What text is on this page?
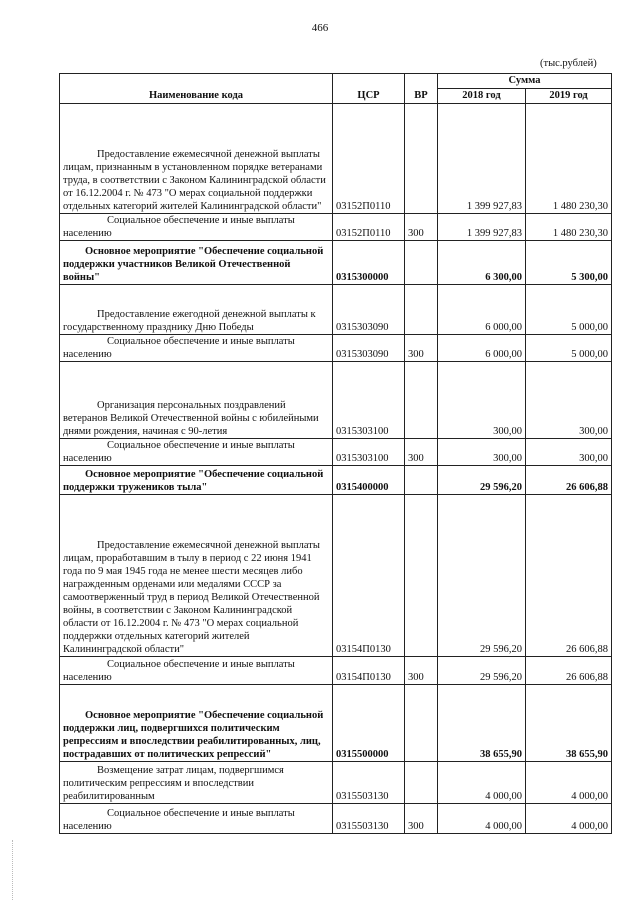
466
(тыс.рублей)
Наименование кода	ЦСР	ВР	Сумма	
			2018 год	2019 год

Предоставление ежемесячной денежной выплаты лицам, признанным в установленном порядке ветеранами труда, в соответствии с Законом Калининградской области от 16.12.2004 г. № 473 "О мерах социальной поддержки отдельных категорий жителей Калининградской области"	03152П0110		1 399 927,83	1 480 230,30

Социальное обеспечение и иные выплаты населению	03152П0110	300	1 399 927,83	1 480 230,30

Основное мероприятие "Обеспечение социальной поддержки участников Великой Отечественной войны"	0315300000		6 300,00	5 300,00

Предоставление ежегодной денежной выплаты к государственному празднику Дню Победы	0315303090		6 000,00	5 000,00

Социальное обеспечение и иные выплаты населению	0315303090	300	6 000,00	5 000,00

Организация персональных поздравлений ветеранов Великой Отечественной войны с юбилейными днями рождения, начиная с 90-летия	0315303100		300,00	300,00

Социальное обеспечение и иные выплаты населению	0315303100	300	300,00	300,00

Основное мероприятие "Обеспечение социальной поддержки тружеников тыла"	0315400000		29 596,20	26 606,88

Предоставление ежемесячной денежной выплаты лицам, проработавшим в тылу в период с 22 июня 1941 года по 9 мая 1945 года не менее шести месяцев либо награжденным орденами или медалями СССР за самоотверженный труд в период Великой Отечественной войны, в соответствии с Законом Калининградской области от 16.12.2004 г. № 473 "О мерах социальной поддержки отдельных категорий жителей Калининградской области"	03154П0130		29 596,20	26 606,88

Социальное обеспечение и иные выплаты населению	03154П0130	300	29 596,20	26 606,88

Основное мероприятие "Обеспечение социальной поддержки лиц, подвергшихся политическим репрессиям и впоследствии реабилитированных, лиц, пострадавших от политических репрессий"	0315500000		38 655,90	38 655,90

Возмещение затрат лицам, подвергшимся политическим репрессиям и впоследствии реабилитированным	0315503130		4 000,00	4 000,00

Социальное обеспечение и иные выплаты населению	0315503130	300	4 000,00	4 000,00
